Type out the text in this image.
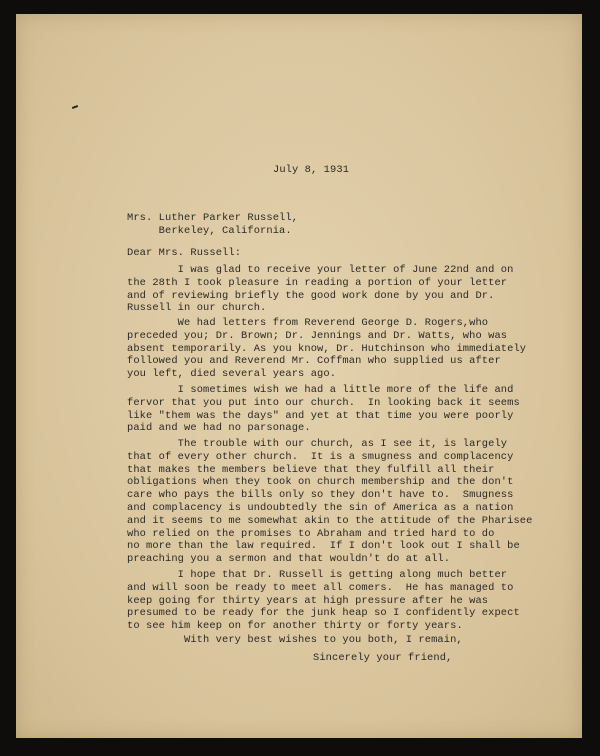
July 8, 1931
Mrs. Luther Parker Russell,
Berkeley, California.
Dear Mrs. Russell:
I was glad to receive your letter of June 22nd and on
the 28th I took pleasure in reading a portion of your letter
and of reviewing briefly the good work done by you and Dr.
Russell in our church.
We had letters from Reverend George D. Rogers,who
preceded you; Dr. Brown; Dr. Jennings and Dr. Watts, who was
absent temporarily. As you know, Dr. Hutchinson who immediately
followed you and Reverend Mr. Coffman who supplied us after
you left, died several years ago.
I sometimes wish we had a little more of the life and
fervor that you put into our church.  In looking back it seems
like "them was the days" and yet at that time you were poorly
paid and we had no parsonage.
The trouble with our church, as I see it, is largely
that of every other church.  It is a smugness and complacency
that makes the members believe that they fulfill all their
obligations when they took on church membership and the don't
care who pays the bills only so they don't have to.  Smugness
and complacency is undoubtedly the sin of America as a nation
and it seems to me somewhat akin to the attitude of the Pharisee
who relied on the promises to Abraham and tried hard to do
no more than the law required.  If I don't look out I shall be
preaching you a sermon and that wouldn't do at all.
I hope that Dr. Russell is getting along much better
and will soon be ready to meet all comers.  He has managed to
keep going for thirty years at high pressure after he was
presumed to be ready for the junk heap so I confidently expect
to see him keep on for another thirty or forty years.
With very best wishes to you both, I remain,
Sincerely your friend,
